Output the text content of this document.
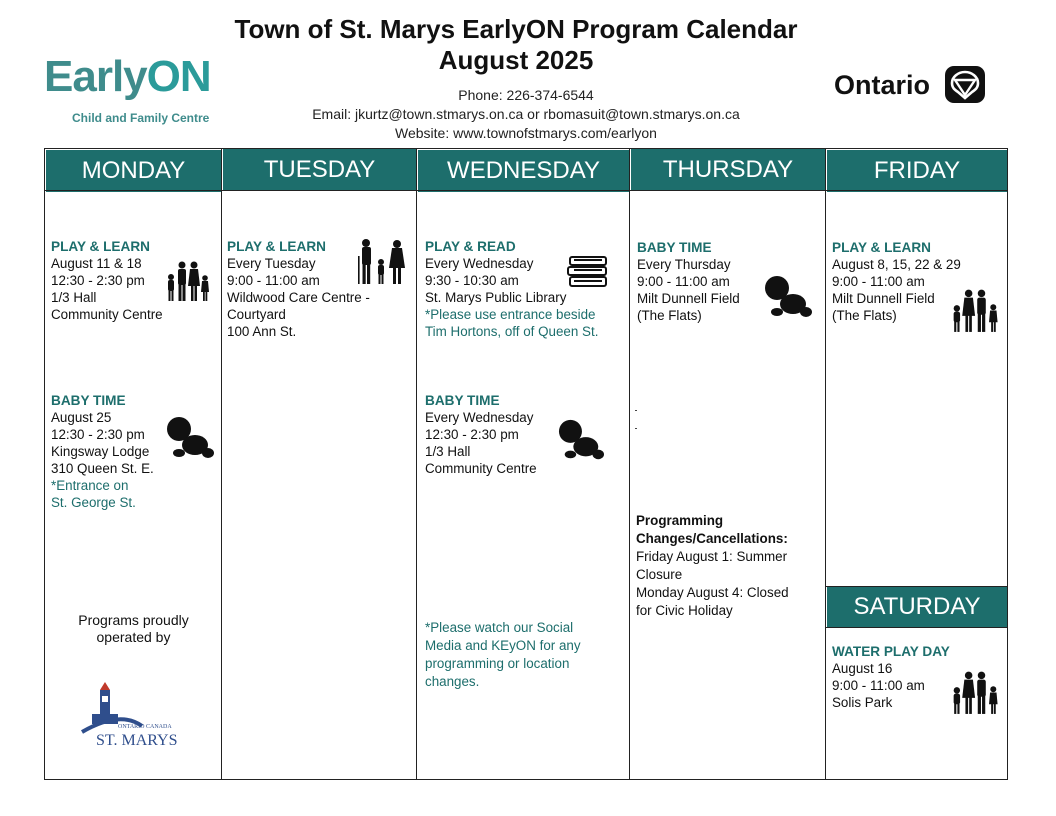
Town of St. Marys EarlyON Program Calendar
August 2025
Phone: 226-374-6544
Email: jkurtz@town.stmarys.on.ca or rbomasuit@town.stmarys.on.ca
Website: www.townofstmarys.com/earlyon
EarlyON
Child and Family Centre
Ontario
MONDAY	TUESDAY	WEDNESDAY	THURSDAY	FRIDAY
SATURDAY
PLAY & LEARN
August 11 & 18
12:30 - 2:30 pm
1/3 Hall
Community Centre
BABY TIME
August 25
12:30 - 2:30 pm
Kingsway Lodge
310 Queen St. E.
*Entrance on
St. George St.
Programs proudly
operated by
ONTARIO CANADA
ST. MARYS
PLAY & LEARN
Every Tuesday
9:00 - 11:00 am
Wildwood Care Centre -
Courtyard
100 Ann St.
PLAY & READ
Every Wednesday
9:30 - 10:30 am
St. Marys Public Library
*Please use entrance beside
Tim Hortons, off of Queen St.
BABY TIME
Every Wednesday
12:30 - 2:30 pm
1/3 Hall
Community Centre
*Please watch our Social
Media and KEyON for any
programming or location
changes.
BABY TIME
Every Thursday
9:00 - 11:00 am
Milt Dunnell Field
(The Flats)
Programming
Changes/Cancellations:
Friday August 1: Summer
Closure
Monday August 4: Closed
for Civic Holiday
PLAY & LEARN
August 8, 15, 22 & 29
9:00 - 11:00 am
Milt Dunnell Field
(The Flats)
WATER PLAY DAY
August 16
9:00 - 11:00 am
Solis Park
